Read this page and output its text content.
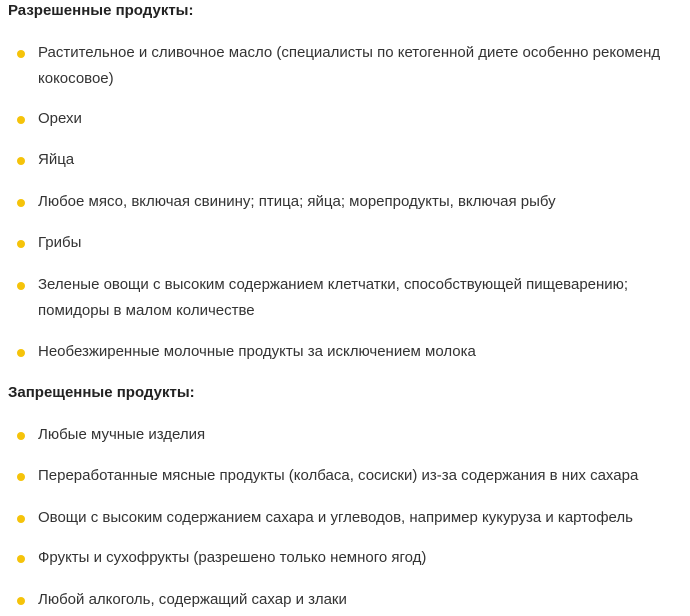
Разрешенные продукты:
Растительное и сливочное масло (специалисты по кетогенной диете особенно рекоменд
кокосовое)
Орехи
Яйца
Любое мясо, включая свинину; птица; яйца; морепродукты, включая рыбу
Грибы
Зеленые овощи с высоким содержанием клетчатки, способствующей пищеварению;
помидоры в малом количестве
Необезжиренные молочные продукты за исключением молока
Запрещенные продукты:
Любые мучные изделия
Переработанные мясные продукты (колбаса, сосиски) из-за содержания в них сахара
Овощи с высоким содержанием сахара и углеводов, например кукуруза и картофель
Фрукты и сухофрукты (разрешено только немного ягод)
Любой алкоголь, содержащий сахар и злаки
